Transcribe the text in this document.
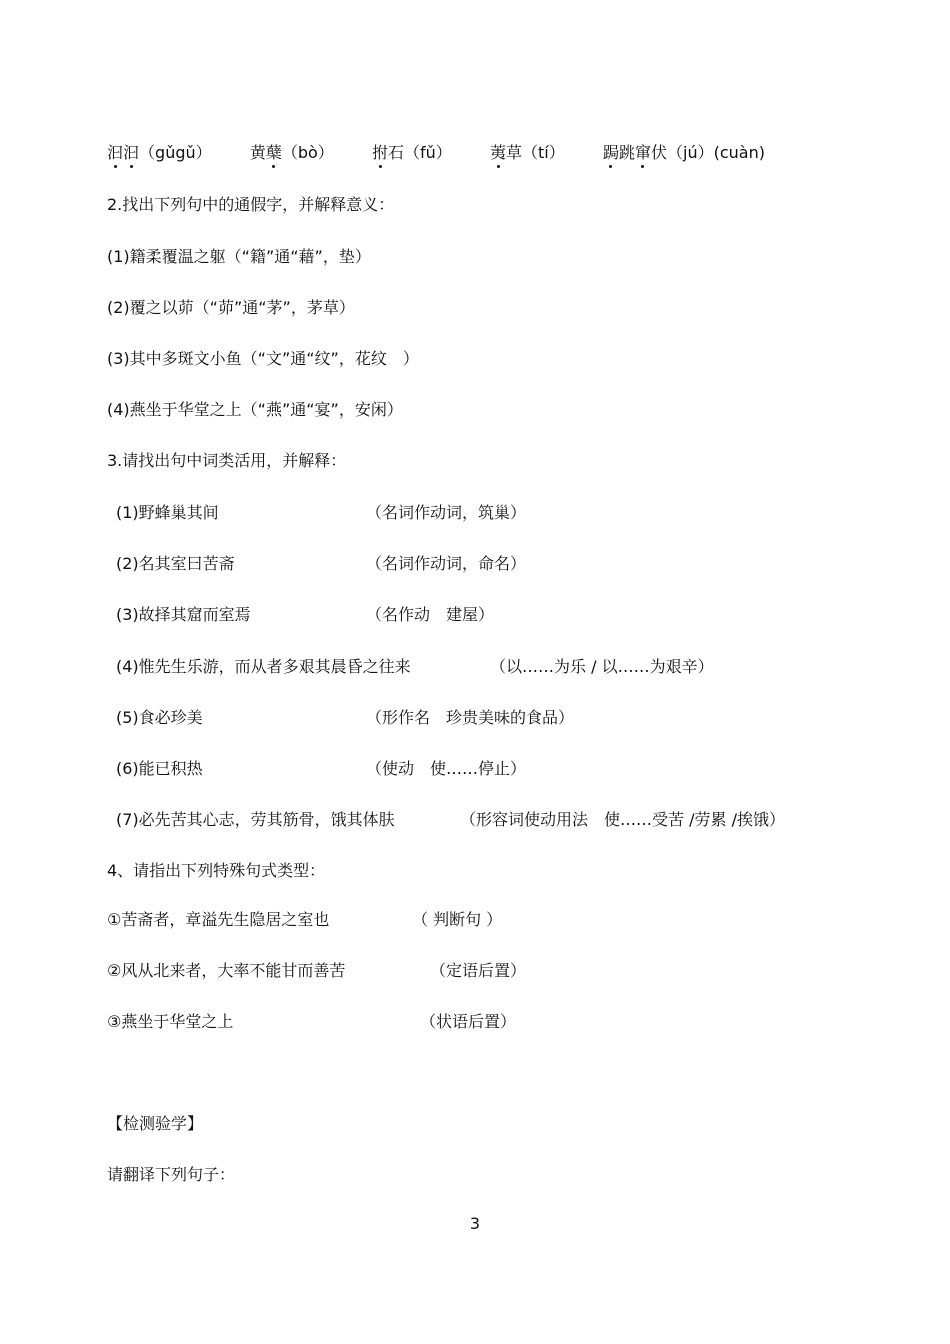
汩汩（gǔgǔ） 黄蘖（bò） 拊石（fǔ） 荑草（tí） 跼跳窜伏（jú）(cuàn)
2.找出下列句中的通假字，并解释意义：
(1)籍柔覆温之躯（“籍”通“藉”，垫）
(2)覆之以茆（“茆”通“茅”，茅草）
(3)其中多斑文小鱼（“文”通“纹”，花纹　）
(4)燕坐于华堂之上（“燕”通“宴”，安闲）
3.请找出句中词类活用，并解释：
(1)野蜂巢其间	（名词作动词，筑巢）
(2)名其室曰苦斋	（名词作动词，命名）
(3)故择其窟而室焉	（名作动　建屋）
(4)惟先生乐游，而从者多艰其晨昏之往来	（以……为乐 / 以……为艰辛）
(5)食必珍美	（形作名　珍贵美味的食品）
(6)能已积热	（使动　使……停止）
(7)必先苦其心志，劳其筋骨，饿其体肤	（形容词使动用法　使……受苦 /劳累 /挨饿）
4、请指出下列特殊句式类型：
①苦斋者，章溢先生隐居之室也	（ 判断句 ）
②风从北来者，大率不能甘而善苦	（定语后置）
③燕坐于华堂之上	（状语后置）
【检测验学】
请翻译下列句子：
3
